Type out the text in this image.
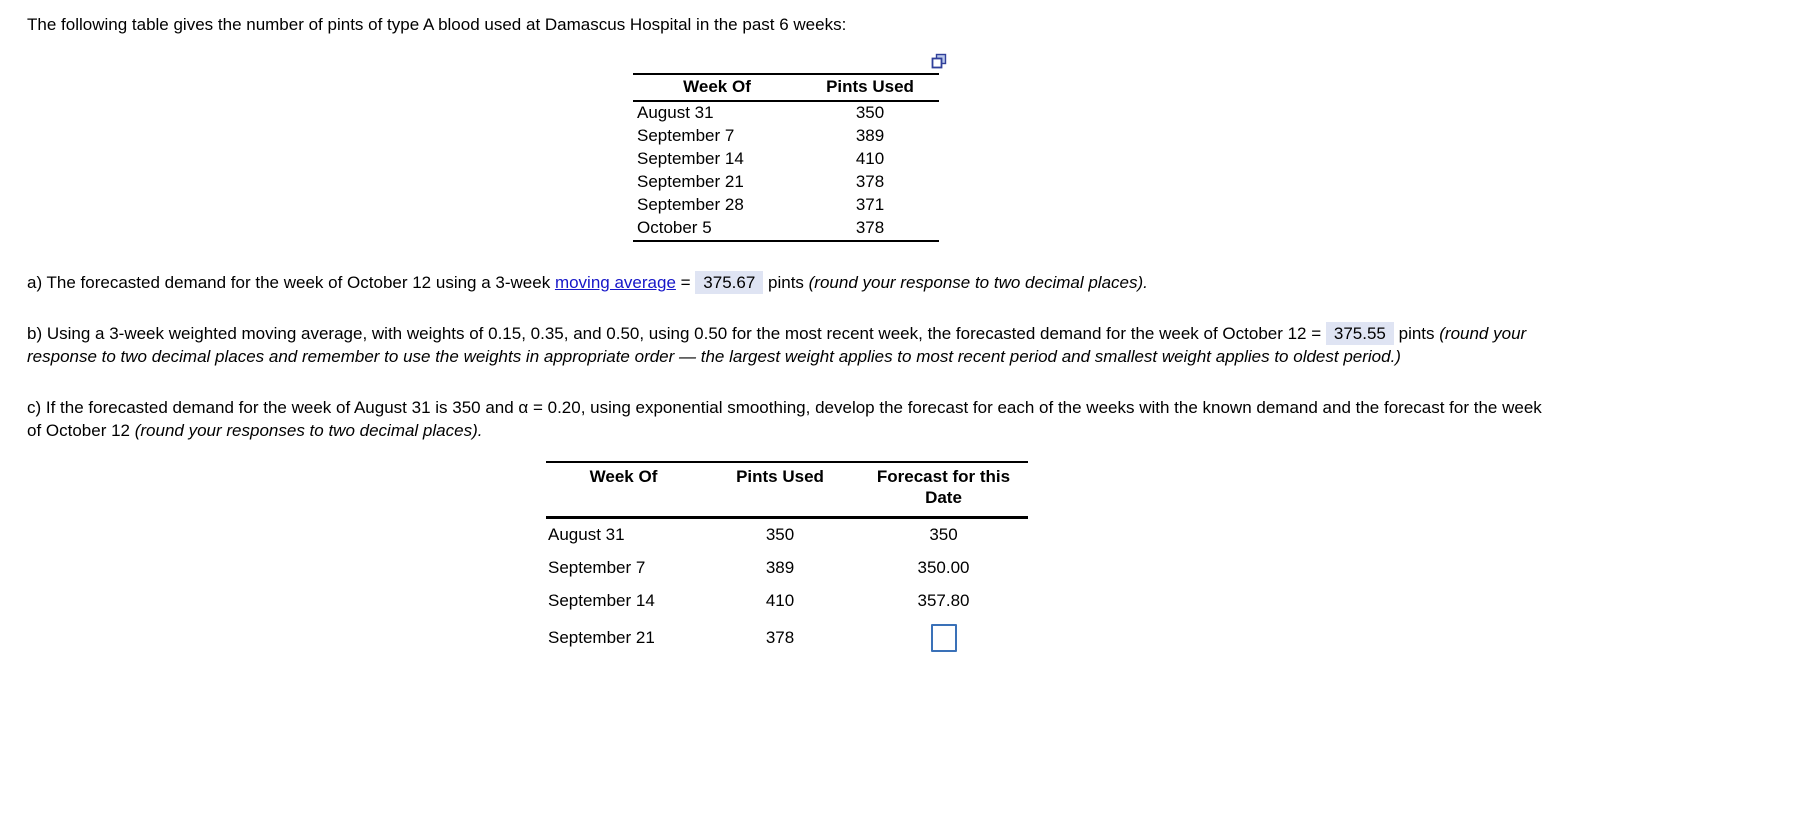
The following table gives the number of pints of type A blood used at Damascus Hospital in the past 6 weeks:

Week Of	Pints Used
August 31	350
September 7	389
September 14	410
September 21	378
September 28	371
October 5	378

a) The forecasted demand for the week of October 12 using a 3-week moving average = 375.67 pints (round your response to two decimal places).

b) Using a 3-week weighted moving average, with weights of 0.15, 0.35, and 0.50, using 0.50 for the most recent week, the forecasted demand for the week of October 12 = 375.55 pints (round your response to two decimal places and remember to use the weights in appropriate order — the largest weight applies to most recent period and smallest weight applies to oldest period.)

c) If the forecasted demand for the week of August 31 is 350 and α = 0.20, using exponential smoothing, develop the forecast for each of the weeks with the known demand and the forecast for the week of October 12 (round your responses to two decimal places).

Week Of	Pints Used	Forecast for this Date
August 31	350	350
September 7	389	350.00
September 14	410	357.80
September 21	378	
